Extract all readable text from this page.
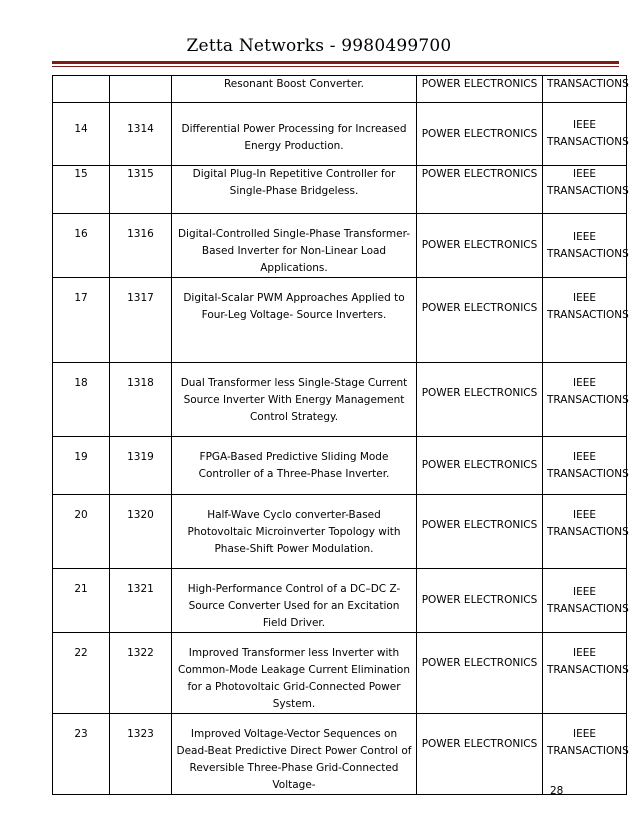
Zetta Networks - 9980499700
		Resonant Boost Converter.	POWER ELECTRONICS	TRANSACTIONS
14	1314	Differential Power Processing for Increased Energy Production.	POWER ELECTRONICS	IEEE TRANSACTIONS
15	1315	Digital Plug-In Repetitive Controller for Single-Phase Bridgeless.	POWER ELECTRONICS	IEEE TRANSACTIONS
16	1316	Digital-Controlled Single-Phase Transformer-Based Inverter for Non-Linear Load Applications.	POWER ELECTRONICS	IEEE TRANSACTIONS
17	1317	Digital-Scalar PWM Approaches Applied to Four-Leg Voltage- Source Inverters.	POWER ELECTRONICS	IEEE TRANSACTIONS
18	1318	Dual Transformer less Single-Stage Current Source Inverter With Energy Management Control Strategy.	POWER ELECTRONICS	IEEE TRANSACTIONS
19	1319	FPGA-Based Predictive Sliding Mode Controller of a Three-Phase Inverter.	POWER ELECTRONICS	IEEE TRANSACTIONS
20	1320	Half-Wave Cyclo converter-Based Photovoltaic Microinverter Topology with Phase-Shift Power Modulation.	POWER ELECTRONICS	IEEE TRANSACTIONS
21	1321	High-Performance Control of a DC–DC Z-Source Converter Used for an Excitation Field Driver.	POWER ELECTRONICS	IEEE TRANSACTIONS
22	1322	Improved Transformer less Inverter with Common-Mode Leakage Current Elimination for a Photovoltaic Grid-Connected Power System.	POWER ELECTRONICS	IEEE TRANSACTIONS
23	1323	Improved Voltage-Vector Sequences on Dead-Beat Predictive Direct Power Control of Reversible Three-Phase Grid-Connected Voltage-	POWER ELECTRONICS	IEEE TRANSACTIONS
28
